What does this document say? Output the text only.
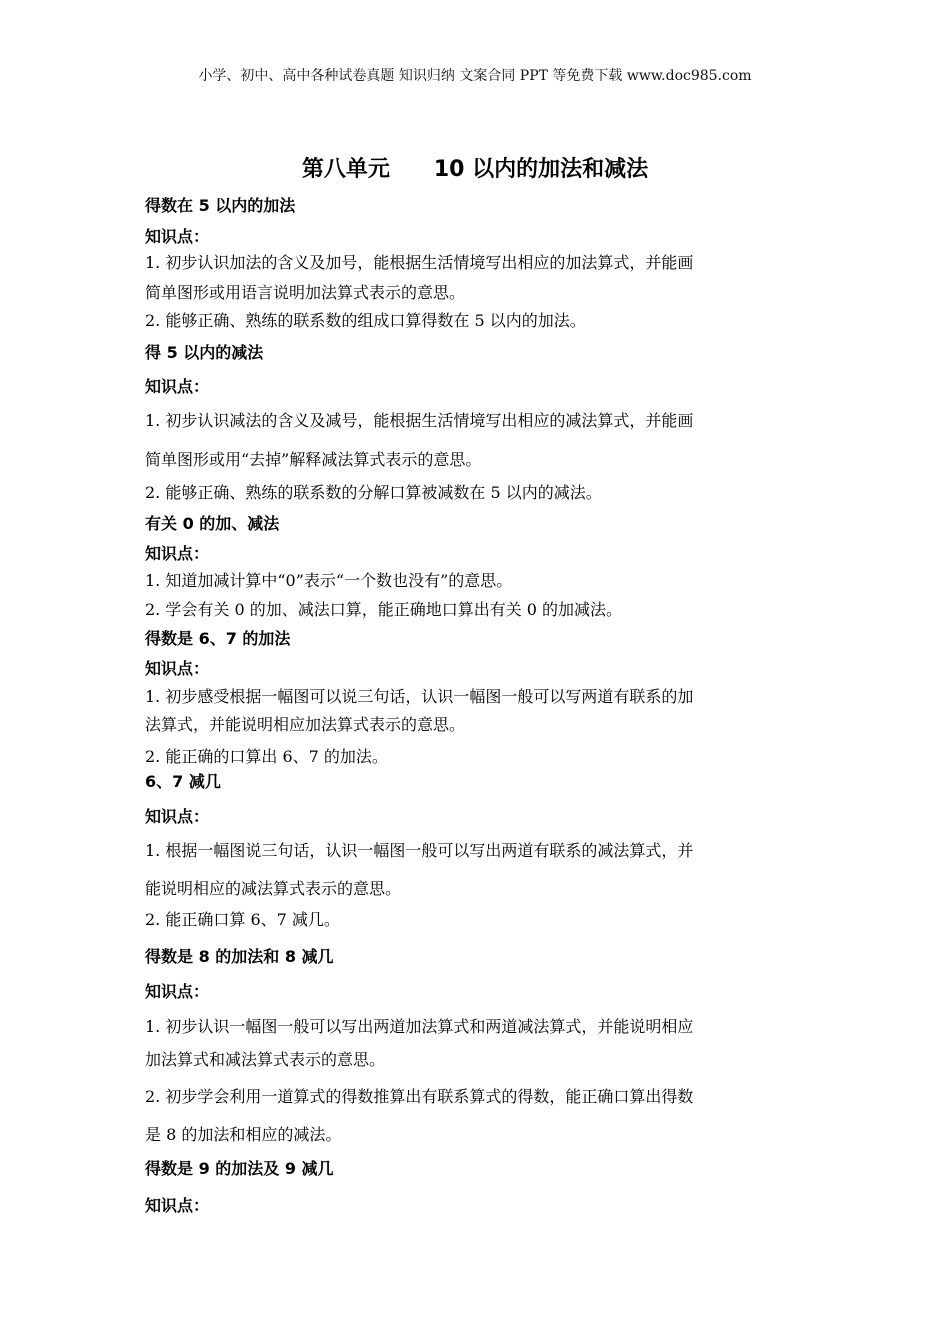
小学、初中、高中各种试卷真题 知识归纳 文案合同 PPT 等免费下载 www.doc985.com
第八单元　　10 以内的加法和减法
得数在 5 以内的加法
知识点：
1. 初步认识加法的含义及加号，能根据生活情境写出相应的加法算式，并能画
简单图形或用语言说明加法算式表示的意思。
2. 能够正确、熟练的联系数的组成口算得数在 5 以内的加法。
得 5 以内的减法
知识点：
1. 初步认识减法的含义及减号，能根据生活情境写出相应的减法算式，并能画
简单图形或用“去掉”解释减法算式表示的意思。
2. 能够正确、熟练的联系数的分解口算被减数在 5 以内的减法。
有关 0 的加、减法
知识点：
1. 知道加减计算中“0”表示“一个数也没有”的意思。
2. 学会有关 0 的加、减法口算，能正确地口算出有关 0 的加减法。
得数是 6、7 的加法
知识点：
1. 初步感受根据一幅图可以说三句话，认识一幅图一般可以写两道有联系的加
法算式，并能说明相应加法算式表示的意思。
2. 能正确的口算出 6、7 的加法。
6、7 减几
知识点：
1. 根据一幅图说三句话，认识一幅图一般可以写出两道有联系的减法算式，并
能说明相应的减法算式表示的意思。
2. 能正确口算 6、7 减几。
得数是 8 的加法和 8 减几
知识点：
1. 初步认识一幅图一般可以写出两道加法算式和两道减法算式，并能说明相应
加法算式和减法算式表示的意思。
2. 初步学会利用一道算式的得数推算出有联系算式的得数，能正确口算出得数
是 8 的加法和相应的减法。
得数是 9 的加法及 9 减几
知识点：
